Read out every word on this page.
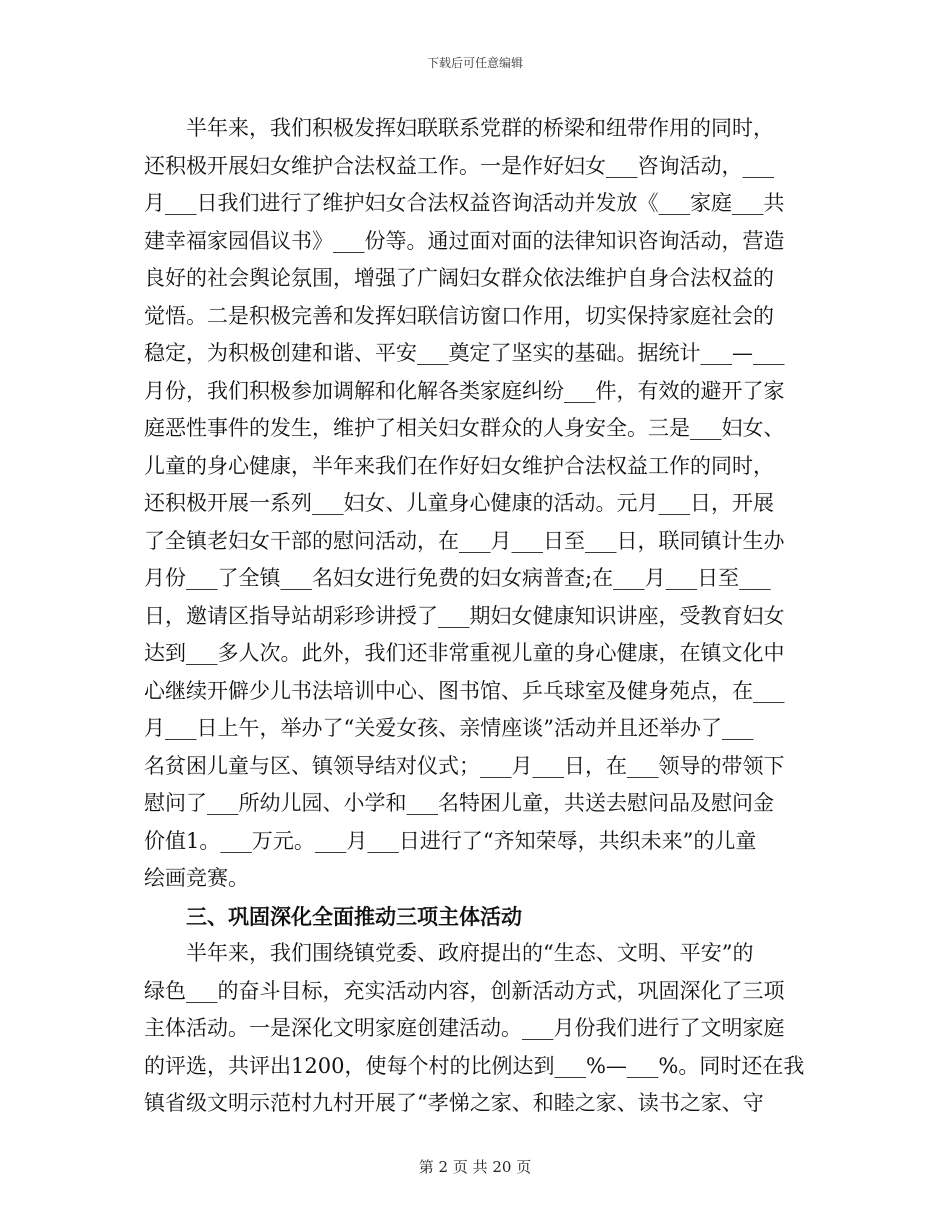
下载后可任意编辑
半年来，我们积极发挥妇联联系党群的桥梁和纽带作用的同时，
还积极开展妇女维护合法权益工作。一是作好妇女___咨询活动，___
月___日我们进行了维护妇女合法权益咨询活动并发放《___家庭___共
建幸福家园倡议书》___份等。通过面对面的法律知识咨询活动，营造
良好的社会舆论氛围，增强了广阔妇女群众依法维护自身合法权益的
觉悟。二是积极完善和发挥妇联信访窗口作用，切实保持家庭社会的
稳定，为积极创建和谐、平安___奠定了坚实的基础。据统计___—___
月份，我们积极参加调解和化解各类家庭纠纷___件，有效的避开了家
庭恶性事件的发生，维护了相关妇女群众的人身安全。三是___妇女、
儿童的身心健康，半年来我们在作好妇女维护合法权益工作的同时，
还积极开展一系列___妇女、儿童身心健康的活动。元月___日，开展
了全镇老妇女干部的慰问活动，在___月___日至___日，联同镇计生办
月份___了全镇___名妇女进行免费的妇女病普查;在___月___日至___
日，邀请区指导站胡彩珍讲授了___期妇女健康知识讲座，受教育妇女
达到___多人次。此外，我们还非常重视儿童的身心健康，在镇文化中
心继续开僻少儿书法培训中心、图书馆、乒乓球室及健身苑点，在___
月___日上午，举办了“关爱女孩、亲情座谈”活动并且还举办了___
名贫困儿童与区、镇领导结对仪式；___月___日，在___领导的带领下
慰问了___所幼儿园、小学和___名特困儿童，共送去慰问品及慰问金
价值1。___万元。___月___日进行了“齐知荣辱，共织未来”的儿童
绘画竞赛。
三、巩固深化全面推动三项主体活动
半年来，我们围绕镇党委、政府提出的“生态、文明、平安”的
绿色___的奋斗目标，充实活动内容，创新活动方式，巩固深化了三项
主体活动。一是深化文明家庭创建活动。___月份我们进行了文明家庭
的评选，共评出1200，使每个村的比例达到___%—___%。同时还在我
镇省级文明示范村九村开展了“孝悌之家、和睦之家、读书之家、守
第 2 页 共 20 页
